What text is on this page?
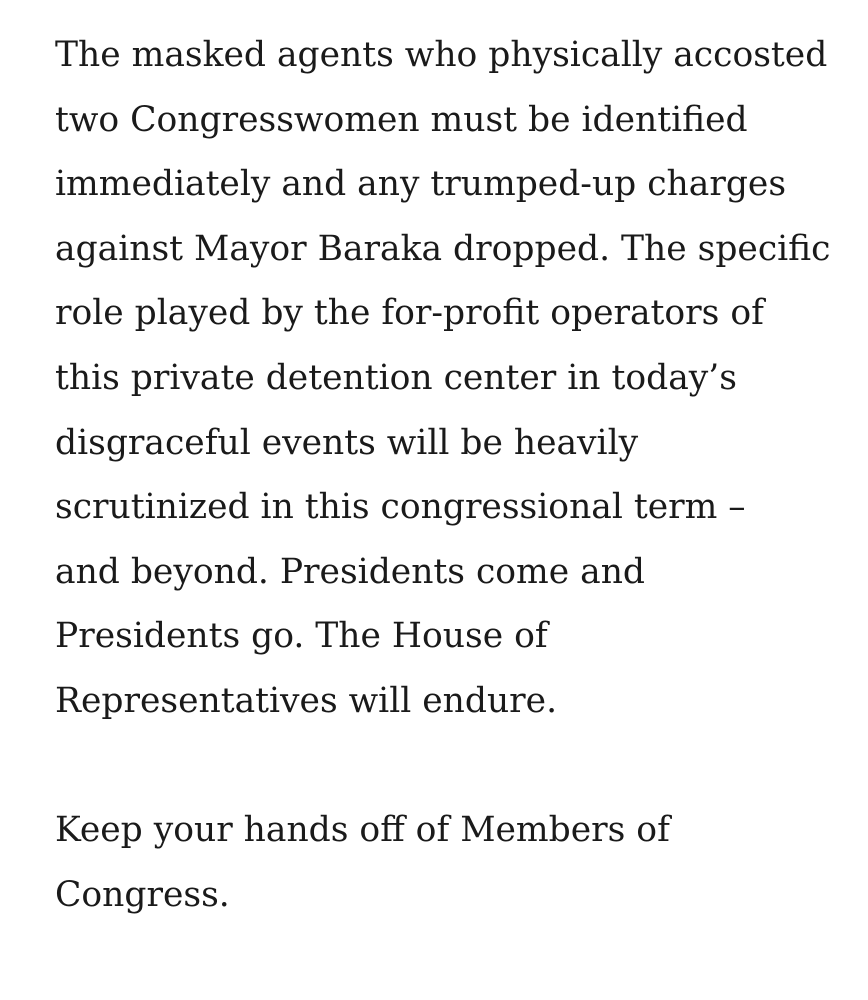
The masked agents who physically accosted
two Congresswomen must be identified
immediately and any trumped-up charges
against Mayor Baraka dropped. The specific
role played by the for-profit operators of
this private detention center in today’s
disgraceful events will be heavily
scrutinized in this congressional term –
and beyond. Presidents come and
Presidents go. The House of
Representatives will endure.

Keep your hands off of Members of
Congress.
